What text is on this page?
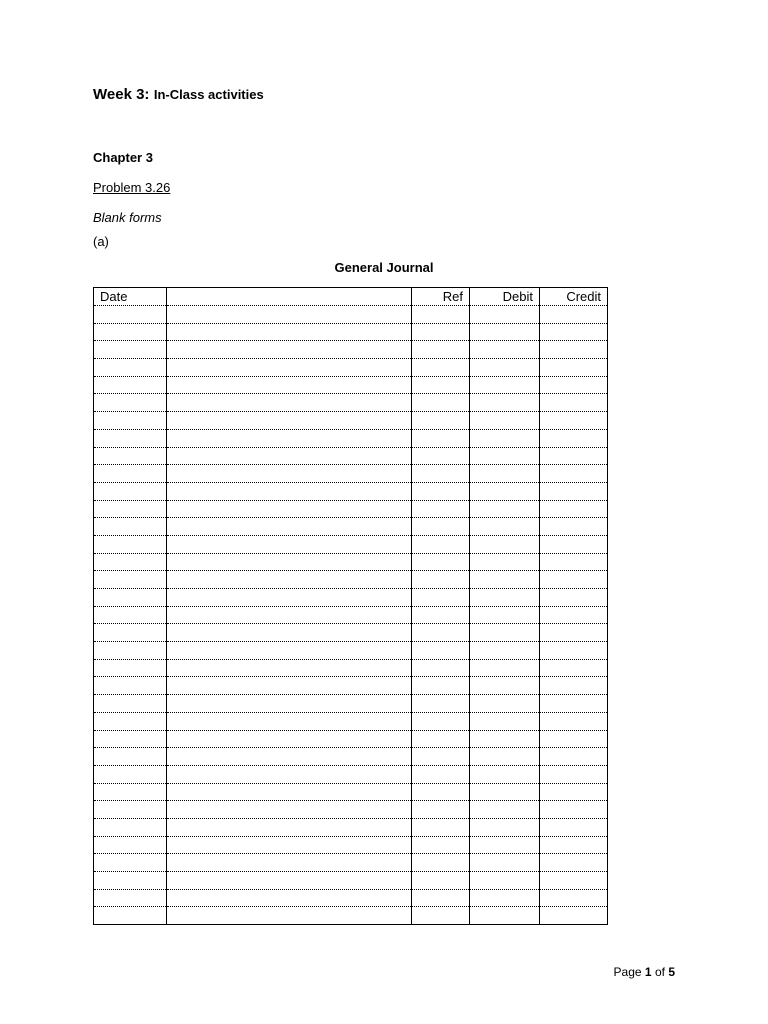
Week 3: In-Class activities
Chapter 3
Problem 3.26
Blank forms
(a)
General Journal
Date		Ref	Debit	Credit

Page 1 of 5
